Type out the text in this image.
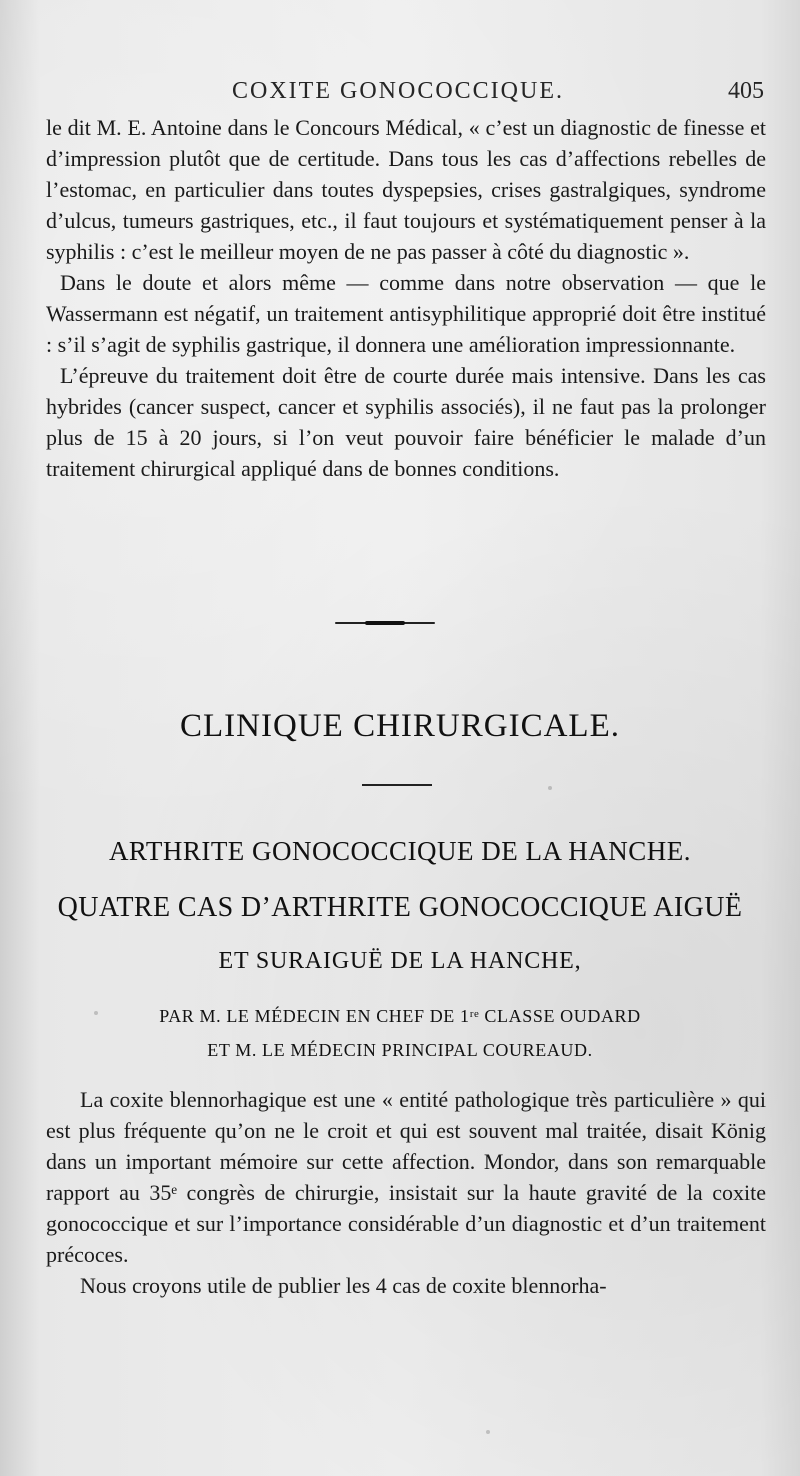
COXITE GONOCOCCIQUE.	405

le dit M. E. Antoine dans le Concours Médical, « c’est un diagnostic de finesse et d’impression plutôt que de certitude. Dans tous les cas d’affections rebelles de l’estomac, en particulier dans toutes dyspepsies, crises gastralgiques, syndrome d’ulcus, tumeurs gastriques, etc., il faut toujours et systématiquement penser à la syphilis : c’est le meilleur moyen de ne pas passer à côté du diagnostic ».

Dans le doute et alors même — comme dans notre observation — que le Wassermann est négatif, un traitement antisyphilitique approprié doit être institué : s’il s’agit de syphilis gastrique, il donnera une amélioration impressionnante.

L’épreuve du traitement doit être de courte durée mais intensive. Dans les cas hybrides (cancer suspect, cancer et syphilis associés), il ne faut pas la prolonger plus de 15 à 20 jours, si l’on veut pouvoir faire bénéficier le malade d’un traitement chirurgical appliqué dans de bonnes conditions.

CLINIQUE CHIRURGICALE.
ARTHRITE GONOCOCCIQUE DE LA HANCHE.
QUATRE CAS D’ARTHRITE GONOCOCCIQUE AIGUË
ET SURAIGUË DE LA HANCHE,
PAR M. LE MÉDECIN EN CHEF DE 1ʳᵉ CLASSE OUDARD
ET M. LE MÉDECIN PRINCIPAL COUREAUD.

La coxite blennorhagique est une « entité pathologique très particulière » qui est plus fréquente qu’on ne le croit et qui est souvent mal traitée, disait König dans un important mémoire sur cette affection. Mondor, dans son remarquable rapport au 35ᵉ congrès de chirurgie, insistait sur la haute gravité de la coxite gonococcique et sur l’importance considérable d’un diagnostic et d’un traitement précoces.

Nous croyons utile de publier les 4 cas de coxite blennorha-
